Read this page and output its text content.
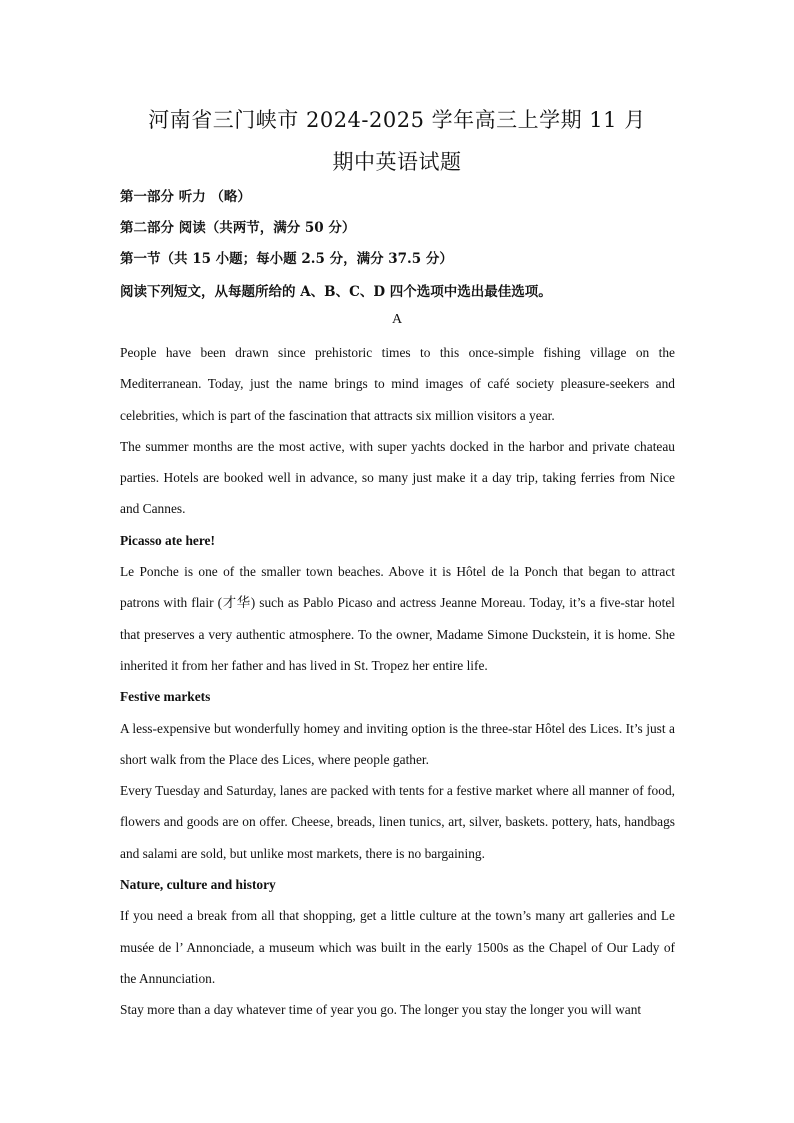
河南省三门峡市 2024-2025 学年高三上学期 11 月
期中英语试题
第一部分 听力 （略）
第二部分 阅读（共两节，满分 50 分）
第一节（共 15 小题；每小题 2.5 分，满分 37.5 分）
阅读下列短文，从每题所给的 A、B、C、D 四个选项中选出最佳选项。
A

People have been drawn since prehistoric times to this once-simple fishing village on the Mediterranean. Today, just the name brings to mind images of café society pleasure-seekers and celebrities, which is part of the fascination that attracts six million visitors a year.

The summer months are the most active, with super yachts docked in the harbor and private chateau parties. Hotels are booked well in advance, so many just make it a day trip, taking ferries from Nice and Cannes.

Picasso ate here!

Le Ponche is one of the smaller town beaches. Above it is Hôtel de la Ponch that began to attract patrons with flair (才华) such as Pablo Picaso and actress Jeanne Moreau. Today, it’s a five-star hotel that preserves a very authentic atmosphere. To the owner, Madame Simone Duckstein, it is home. She inherited it from her father and has lived in St. Tropez her entire life.

Festive markets

A less-expensive but wonderfully homey and inviting option is the three-star Hôtel des Lices. It’s just a short walk from the Place des Lices, where people gather.

Every Tuesday and Saturday, lanes are packed with tents for a festive market where all manner of food, flowers and goods are on offer. Cheese, breads, linen tunics, art, silver, baskets. pottery, hats, handbags and salami are sold, but unlike most markets, there is no bargaining.

Nature, culture and history

If you need a break from all that shopping, get a little culture at the town’s many art galleries and Le musée de l’ Annonciade, a museum which was built in the early 1500s as the Chapel of Our Lady of the Annunciation.

Stay more than a day whatever time of year you go. The longer you stay the longer you will want
